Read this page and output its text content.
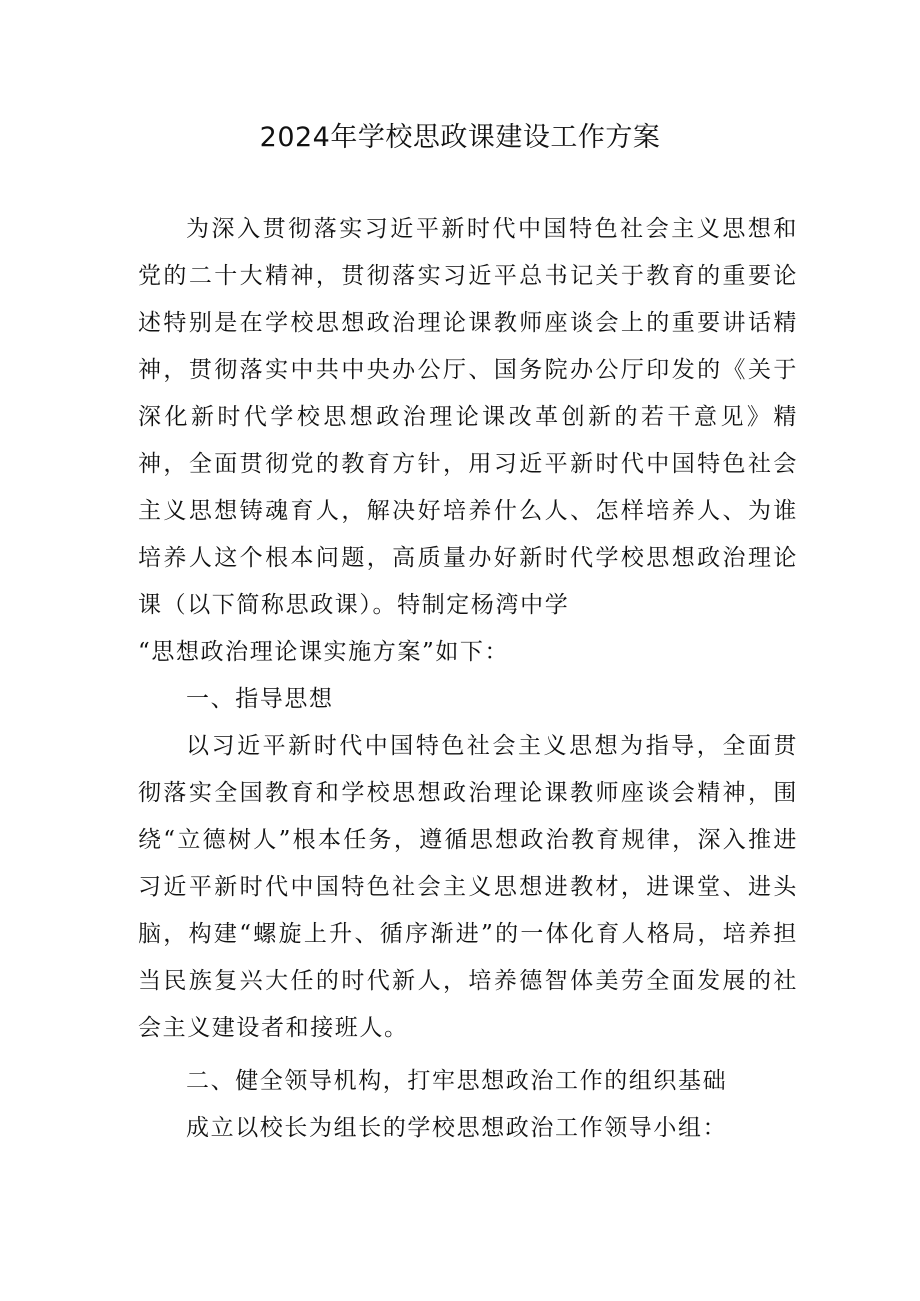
2024年学校思政课建设工作方案

为深入贯彻落实习近平新时代中国特色社会主义思想和党的二十大精神，贯彻落实习近平总书记关于教育的重要论述特别是在学校思想政治理论课教师座谈会上的重要讲话精神，贯彻落实中共中央办公厅、国务院办公厅印发的《关于深化新时代学校思想政治理论课改革创新的若干意见》精神，全面贯彻党的教育方针，用习近平新时代中国特色社会主义思想铸魂育人，解决好培养什么人、怎样培养人、为谁培养人这个根本问题，高质量办好新时代学校思想政治理论课（以下简称思政课）。特制定杨湾中学

“思想政治理论课实施方案”如下：

一、指导思想

以习近平新时代中国特色社会主义思想为指导，全面贯彻落实全国教育和学校思想政治理论课教师座谈会精神，围绕“立德树人”根本任务，遵循思想政治教育规律，深入推进习近平新时代中国特色社会主义思想进教材，进课堂、进头脑，构建“螺旋上升、循序渐进”的一体化育人格局，培养担当民族复兴大任的时代新人，培养德智体美劳全面发展的社会主义建设者和接班人。

二、健全领导机构，打牢思想政治工作的组织基础

成立以校长为组长的学校思想政治工作领导小组：
